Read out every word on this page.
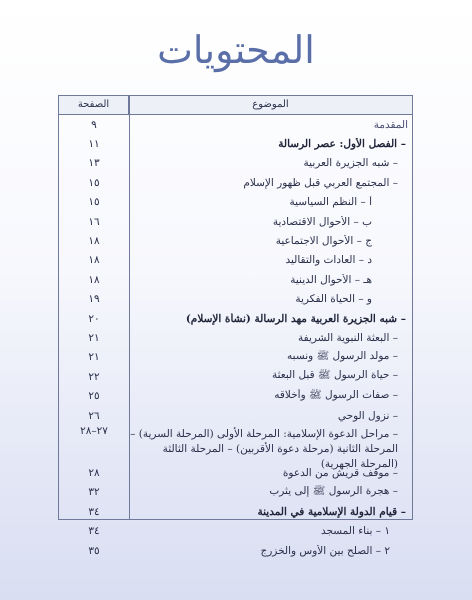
المحتويات
الموضوع
الصفحة
المقدمة
٩
– الفصل الأول: عصر الرسالة
١١
– شبه الجزيرة العربية
١٣
– المجتمع العربي قبل ظهور الإسلام
١٥
أ – النظم السياسية
١٥
ب – الأحوال الاقتصادية
١٦
ج – الأحوال الاجتماعية
١٨
د – العادات والتقاليد
١٨
هـ – الأحوال الدينية
١٨
و – الحياة الفكرية
١٩
– شبه الجزيرة العربية مهد الرسالة (نشأة الإسلام)
٢٠
– البعثة النبوية الشريفة
٢١
– مولد الرسول ﷺ ونسبه
٢١
– حياة الرسول ﷺ قبل البعثة
٢٢
– صفات الرسول ﷺ وأخلاقه
٢٥
– نزول الوحي
٢٦
– مراحل الدعوة الإسلامية: المرحلة الأولى (المرحلة السرية) – المرحلة الثانية (مرحلة دعوة الأقربين) – المرحلة الثالثة (المرحلة الجهرية)
٢٧–٢٨
– موقف قريش من الدعوة
٢٨
– هجرة الرسول ﷺ إلى يثرب
٣٢
– قيام الدولة الإسلامية في المدينة
٣٤
١ – بناء المسجد
٣٤
٢ – الصلح بين الأوس والخزرج
٣٥
